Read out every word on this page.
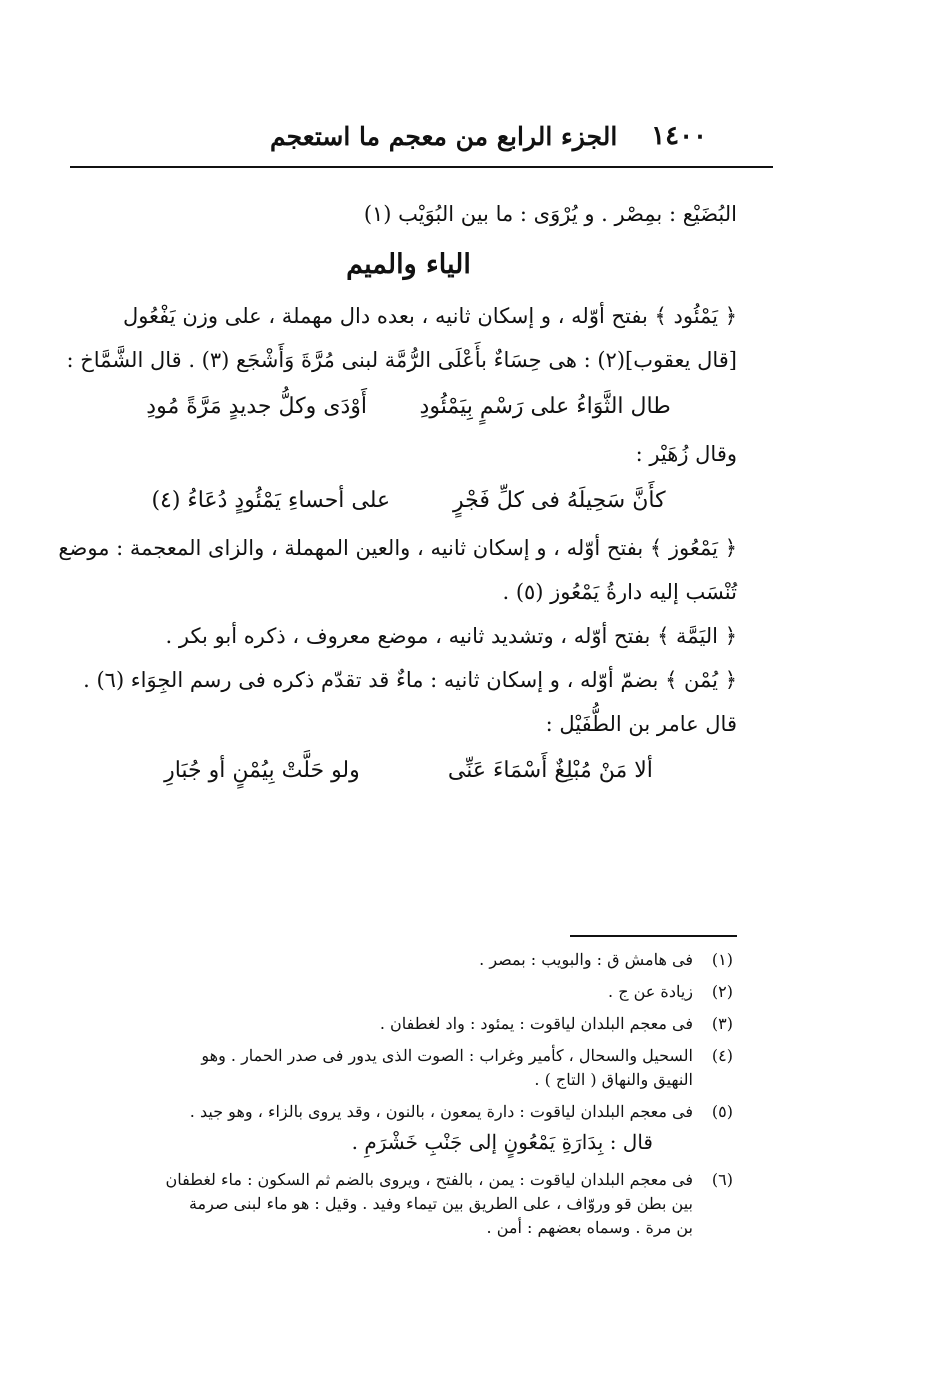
١٤٠٠
الجزء الرابع من معجم ما استعجم
البُضَيْع : بمِصْر . و يُرْوَى : ما بين البُوَيْب (١)
الياء والميم
﴿ يَمْئُود ﴾ بفتح أوّله ، و إسكان ثانيه ، بعده دال مهملة ، على وزن يَفْعُول
[قال يعقوب](٢) : هى حِسَاءٌ بأَعْلَى الرُّمَّة لبنى مُرَّةَ وَأَشْجَع (٣) . قال الشَّمَّاخ :
طال الثَّوَاءُ على رَسْمٍ بِيَمْئُودِ
أَوْدَى وكلُّ جديدٍ مَرَّةً مُودِ
وقال زُهَيْر :
كأَنَّ سَحِيلَهُ فى كلِّ فَجْرٍ
على أحساءِ يَمْئُودٍ دُعَاءُ (٤)
﴿ يَمْعُوز ﴾ بفتح أوّله ، و إسكان ثانيه ، والعين المهملة ، والزاى المعجمة : موضع
تُنْسَب إليه دارةُ يَمْعُوز (٥) .
﴿ اليَمَّة ﴾ بفتح أوّله ، وتشديد ثانيه ، موضع معروف ، ذكره أبو بكر .
﴿ يُمْن ﴾ بضمّ أوّله ، و إسكان ثانيه : ماءٌ قد تقدّم ذكره فى رسم الجِوَاء (٦) .
قال عامر بن الطُّفَيْل :
ألا مَنْ مُبْلِغٌ أَسْمَاءَ عَنِّى
ولو حَلَّتْ بِيُمْنٍ أو جُبَارِ
(١)
فى هامش ق : والبويب : بمصر .
(٢)
زيادة عن ج .
(٣)
فى معجم البلدان لياقوت : يمئود : واد لغطفان .
(٤)
السحيل والسحال ، كأمير وغراب : الصوت الذى يدور فى صدر الحمار . وهو
النهيق والنهاق ( التاج ) .
(٥)
فى معجم البلدان لياقوت : دارة يمعون ، بالنون ، وقد يروى بالزاء ، وهو جيد .
قال : بِدَارَةِ يَمْعُونٍ إلى جَنْبِ خَشْرَمِ .
(٦)
فى معجم البلدان لياقوت : يمن ، بالفتح ، ويروى بالضم ثم السكون : ماء لغطفان
بين بطن قو وروّاف ، على الطريق بين تيماء وفيد . وقيل : هو ماء لبنى صرمة
بن مرة . وسماه بعضهم : أمن .
